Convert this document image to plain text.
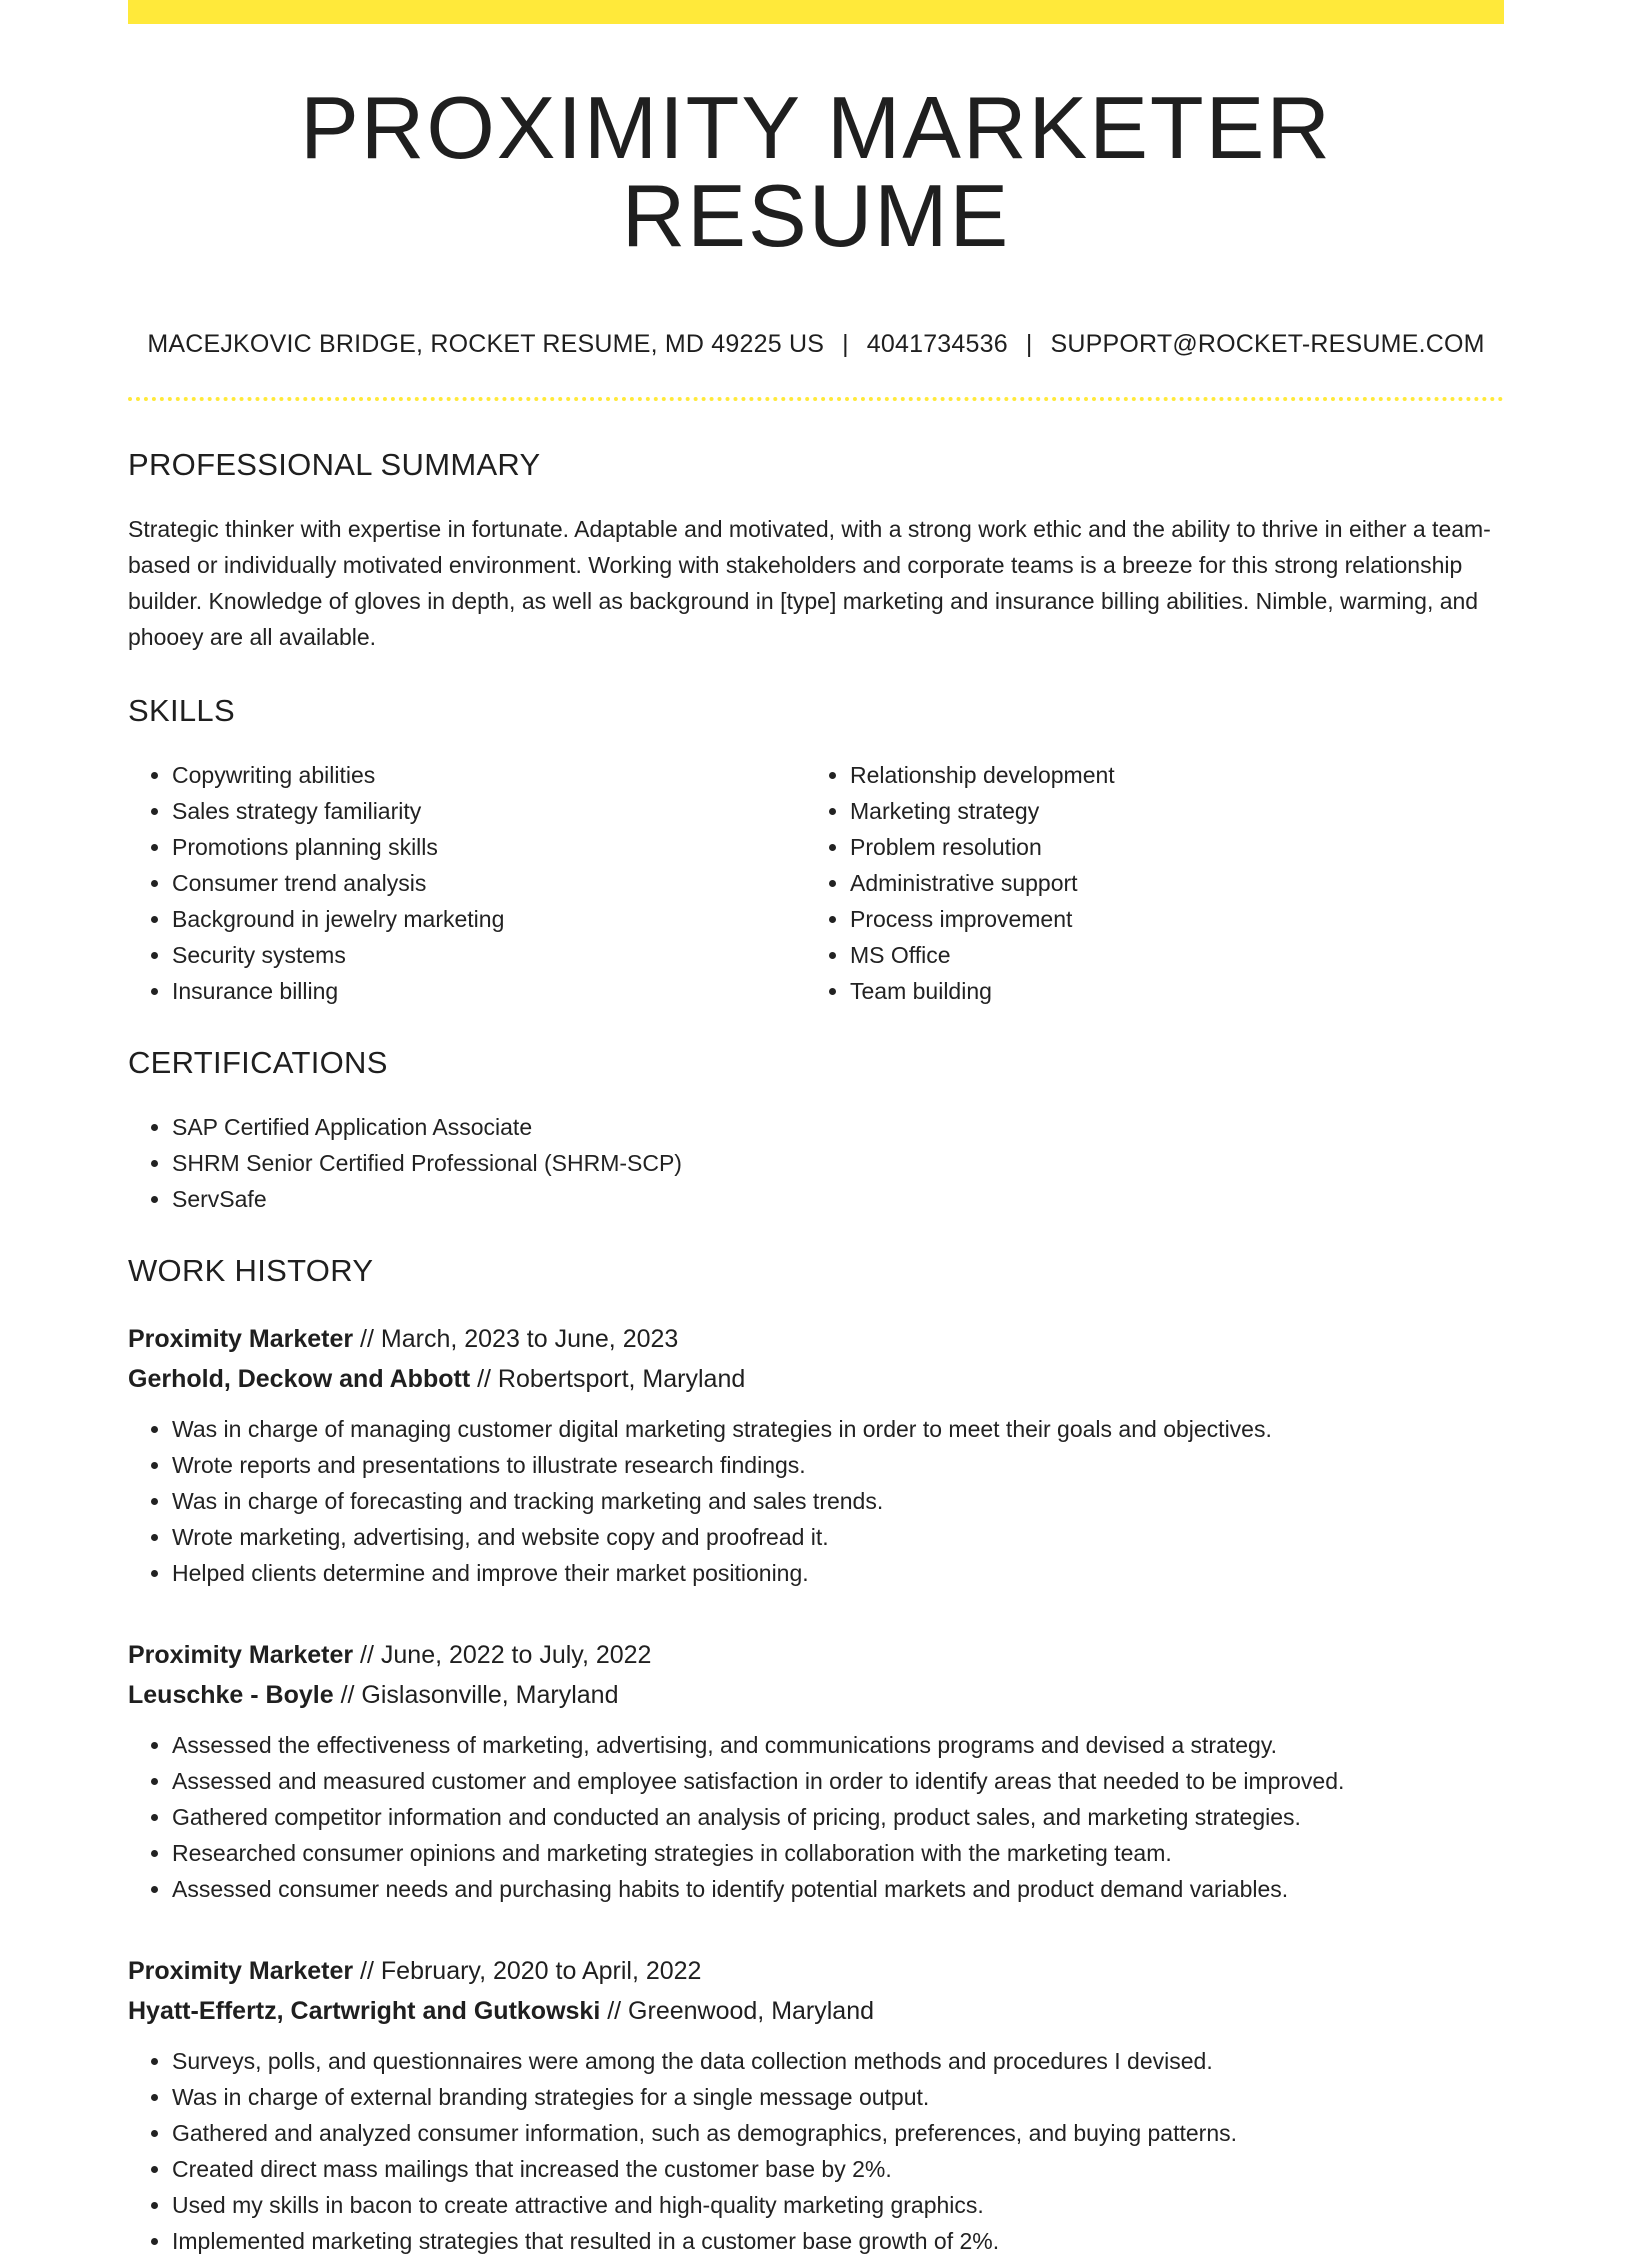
PROXIMITY MARKETER RESUME
MACEJKOVIC BRIDGE, ROCKET RESUME, MD 49225 US | 4041734536 | SUPPORT@ROCKET-RESUME.COM
PROFESSIONAL SUMMARY

Strategic thinker with expertise in fortunate. Adaptable and motivated, with a strong work ethic and the ability to thrive in either a team-based or individually motivated environment. Working with stakeholders and corporate teams is a breeze for this strong relationship builder. Knowledge of gloves in depth, as well as background in [type] marketing and insurance billing abilities. Nimble, warming, and phooey are all available.

SKILLS
• Copywriting abilities
• Sales strategy familiarity
• Promotions planning skills
• Consumer trend analysis
• Background in jewelry marketing
• Security systems
• Insurance billing
• Relationship development
• Marketing strategy
• Problem resolution
• Administrative support
• Process improvement
• MS Office
• Team building
CERTIFICATIONS
• SAP Certified Application Associate
• SHRM Senior Certified Professional (SHRM-SCP)
• ServSafe
WORK HISTORY
Proximity Marketer // March, 2023 to June, 2023
Gerhold, Deckow and Abbott // Robertsport, Maryland
• Was in charge of managing customer digital marketing strategies in order to meet their goals and objectives.
• Wrote reports and presentations to illustrate research findings.
• Was in charge of forecasting and tracking marketing and sales trends.
• Wrote marketing, advertising, and website copy and proofread it.
• Helped clients determine and improve their market positioning.
Proximity Marketer // June, 2022 to July, 2022
Leuschke - Boyle // Gislasonville, Maryland
• Assessed the effectiveness of marketing, advertising, and communications programs and devised a strategy.
• Assessed and measured customer and employee satisfaction in order to identify areas that needed to be improved.
• Gathered competitor information and conducted an analysis of pricing, product sales, and marketing strategies.
• Researched consumer opinions and marketing strategies in collaboration with the marketing team.
• Assessed consumer needs and purchasing habits to identify potential markets and product demand variables.
Proximity Marketer // February, 2020 to April, 2022
Hyatt-Effertz, Cartwright and Gutkowski // Greenwood, Maryland
• Surveys, polls, and questionnaires were among the data collection methods and procedures I devised.
• Was in charge of external branding strategies for a single message output.
• Gathered and analyzed consumer information, such as demographics, preferences, and buying patterns.
• Created direct mass mailings that increased the customer base by 2%.
• Used my skills in bacon to create attractive and high-quality marketing graphics.
• Implemented marketing strategies that resulted in a customer base growth of 2%.
